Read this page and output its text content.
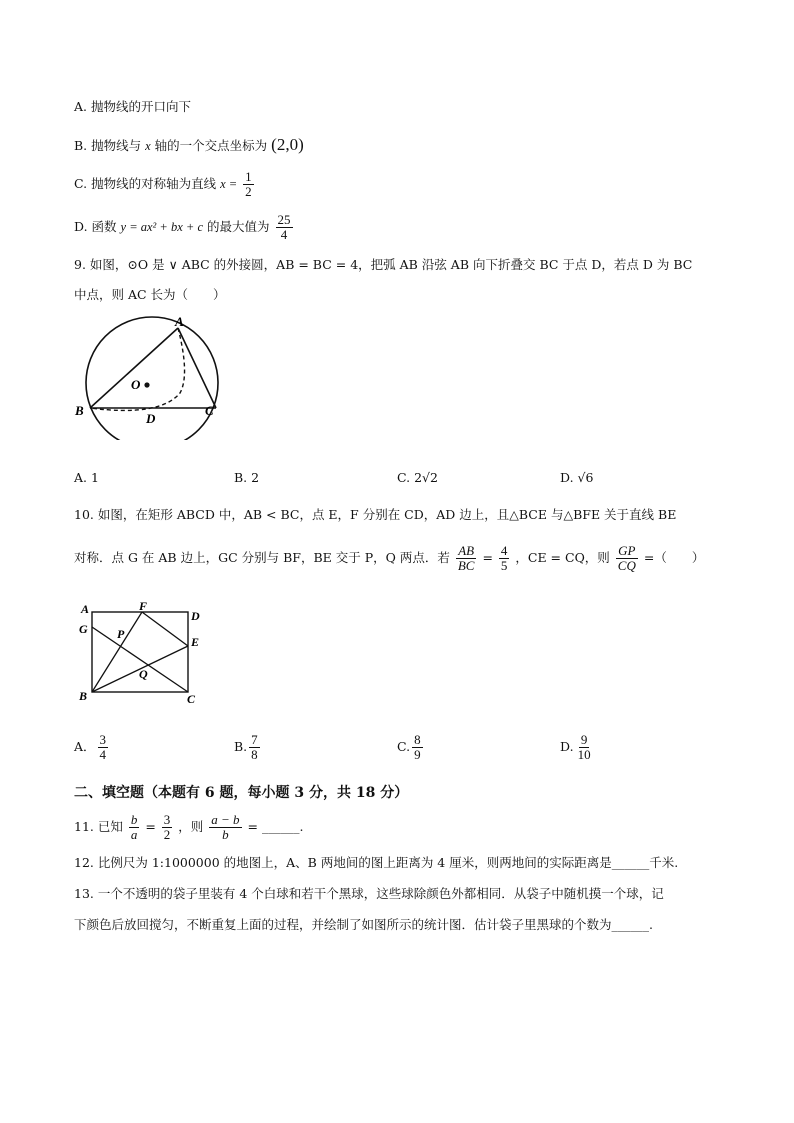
A. 抛物线的开口向下
B. 抛物线与 x 轴的一个交点坐标为 (2,0)
C. 抛物线的对称轴为直线 $x = \frac{1}{2}$
D. 函数 y = ax² + bx + c 的最大值为 $\frac{25}{4}$
9. 如图，⊙O 是 ∨ ABC 的外接圆，AB = BC = 4，把弧 AB 沿弦 AB 向下折叠交 BC 于点 D，若点 D 为 BC
中点，则 AC 长为（　　）
A
B	C
D
O
A. 1	B. 2	C. 2√2	D. √6
10. 如图，在矩形 ABCD 中，AB < BC，点 E，F 分别在 CD，AD 边上，且△BCE 与△BFE 关于直线 BE
对称．点 G 在 AB 边上，GC 分别与 BF，BE 交于 P，Q 两点．若 $\frac{AB}{BC} = \frac{4}{5}$ ，CE = CQ，则 $\frac{GP}{CQ}$ =（　　）
A
G
F
D
E
P
Q
B	C
A． $\frac{3}{4}$	B. $\frac{7}{8}$	C. $\frac{8}{9}$	D. $\frac{9}{10}$
二、填空题（本题有 6 题，每小题 3 分，共 18 分）
11. 已知 $\frac{b}{a} = \frac{3}{2}$ ，则 $\frac{a - b}{b}$ = ______.
12. 比例尺为 1:1000000 的地图上，A、B 两地间的图上距离为 4 厘米，则两地间的实际距离是______千米.
13. 一个不透明的袋子里装有 4 个白球和若干个黑球，这些球除颜色外都相同．从袋子中随机摸一个球，记
下颜色后放回搅匀，不断重复上面的过程，并绘制了如图所示的统计图．估计袋子里黑球的个数为______.
